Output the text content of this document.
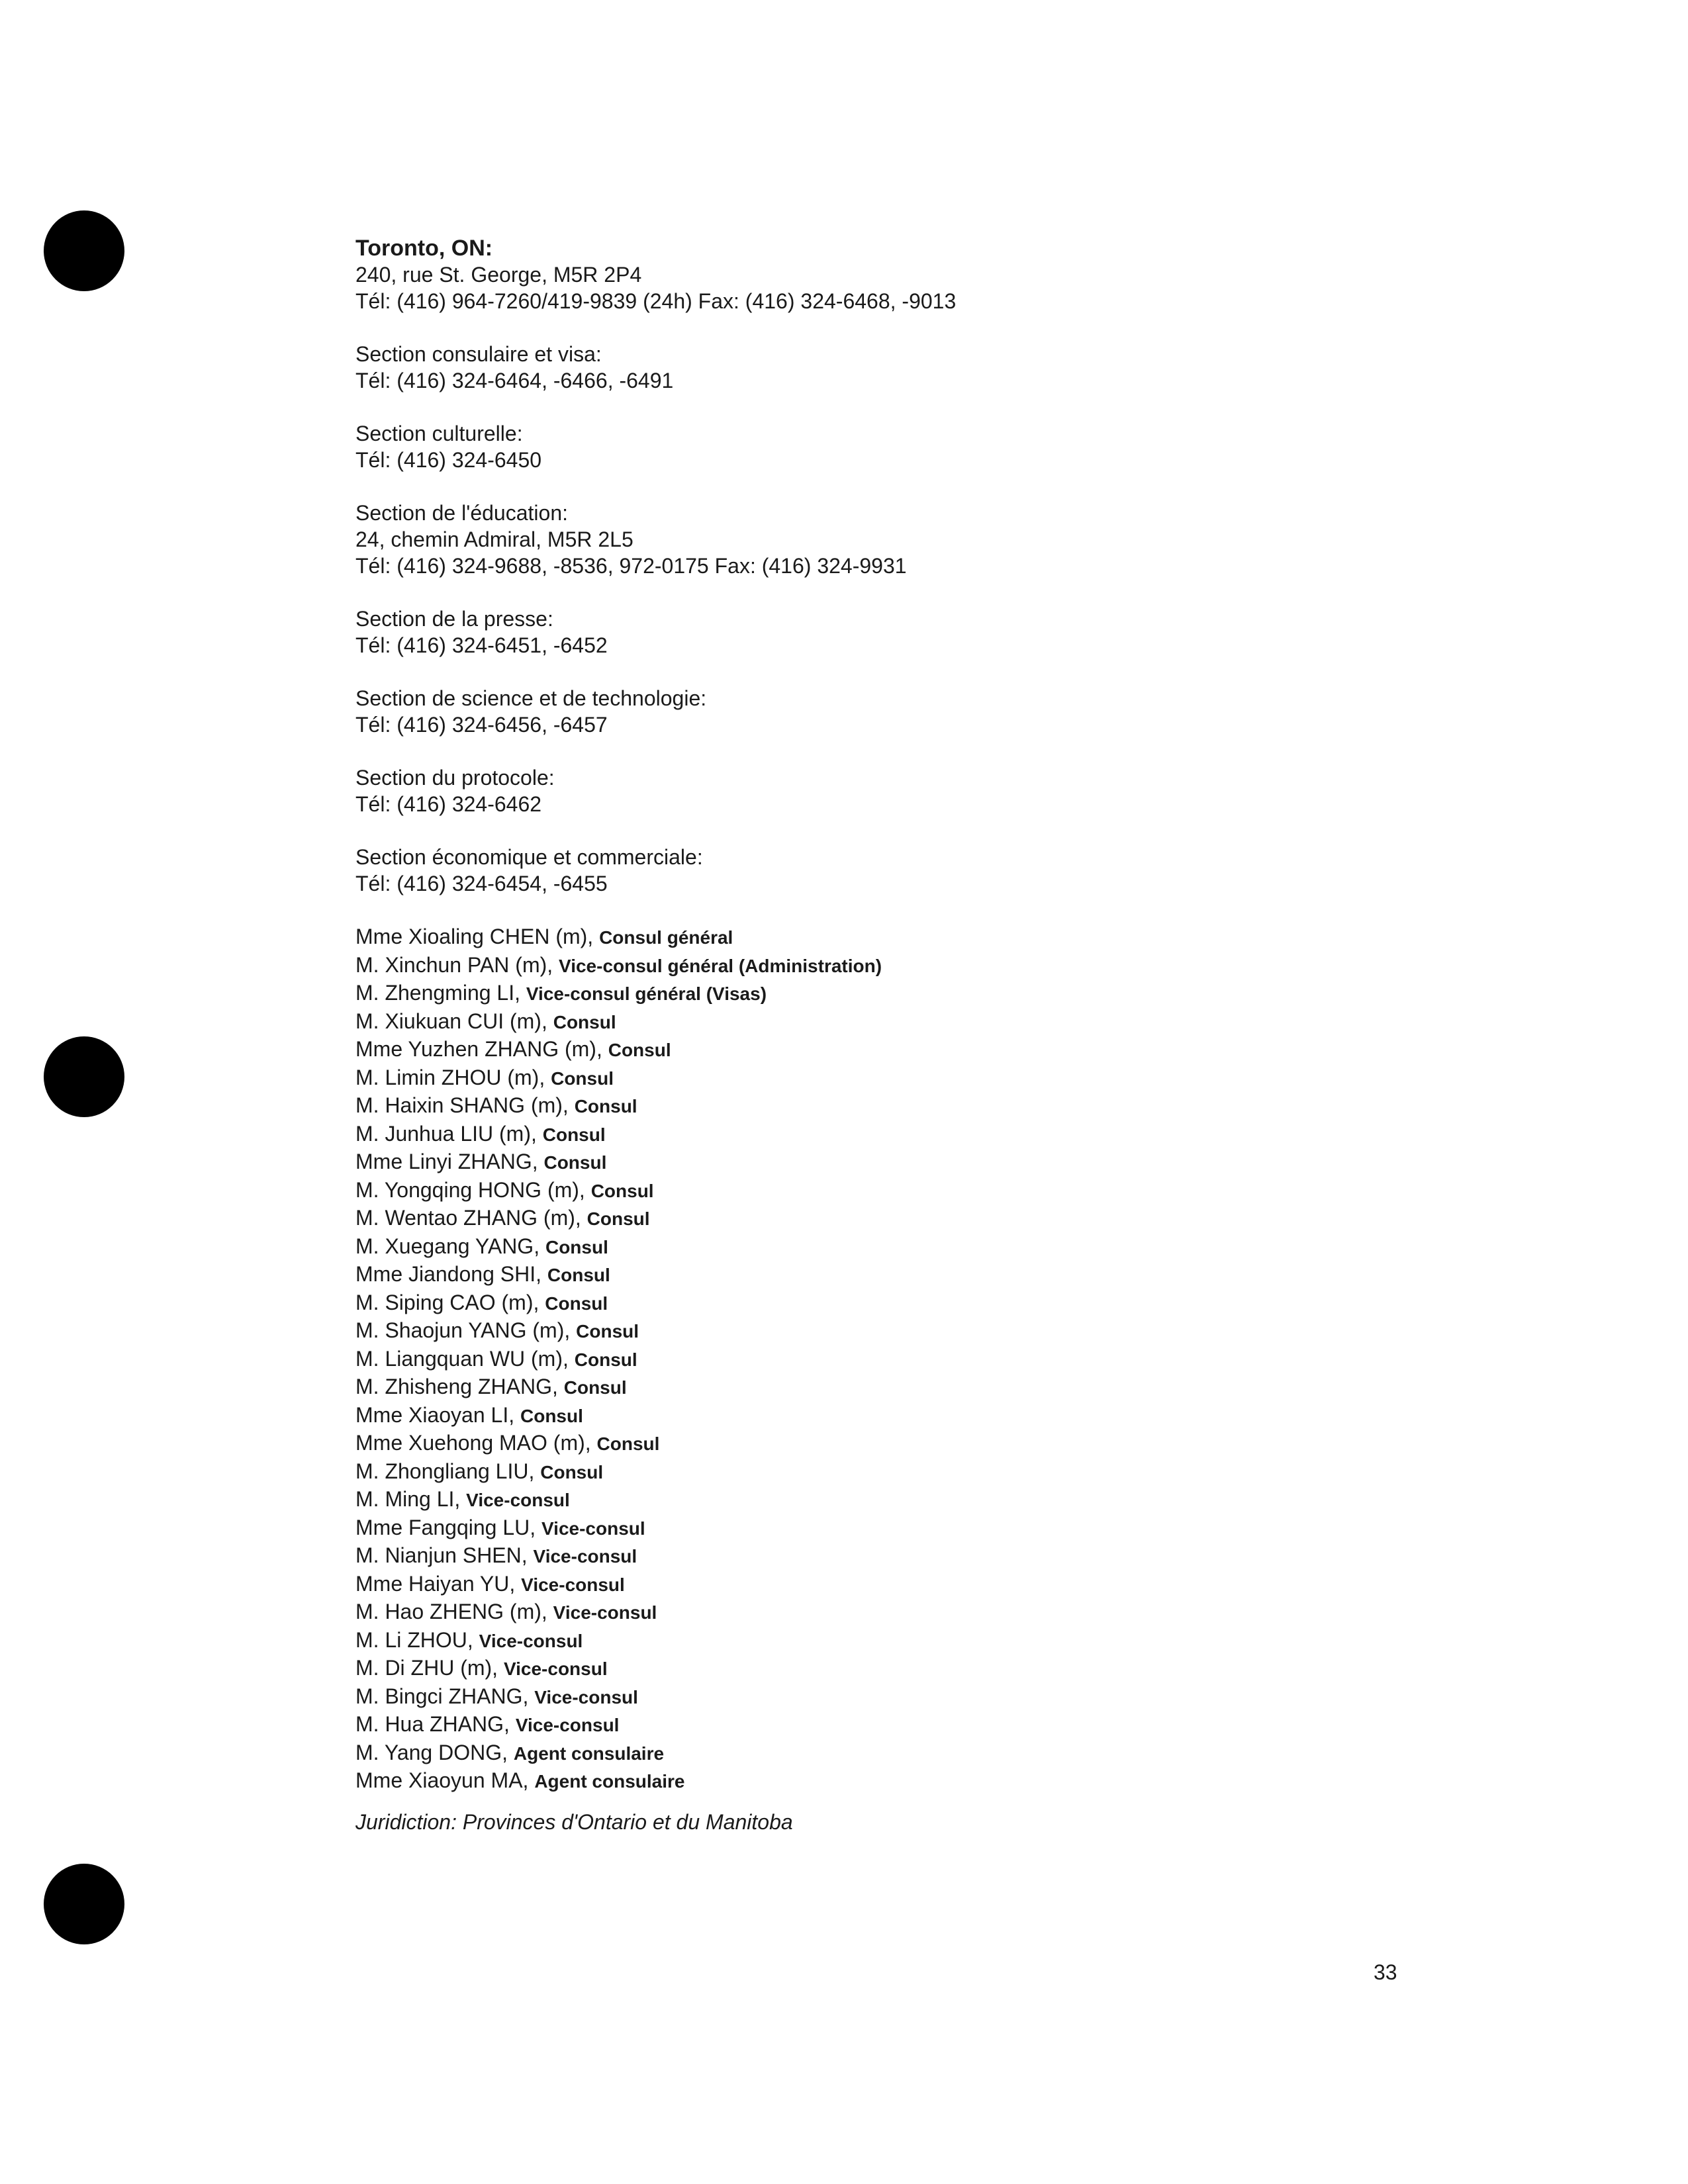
Toronto, ON:
240, rue St. George, M5R 2P4
Tél: (416) 964-7260/419-9839 (24h) Fax: (416) 324-6468, -9013
Section consulaire et visa:
Tél: (416) 324-6464, -6466, -6491
Section culturelle:
Tél: (416) 324-6450
Section de l'éducation:
24, chemin Admiral, M5R 2L5
Tél: (416) 324-9688, -8536, 972-0175 Fax: (416) 324-9931
Section de la presse:
Tél: (416) 324-6451, -6452
Section de science et de technologie:
Tél: (416) 324-6456, -6457
Section du protocole:
Tél: (416) 324-6462
Section économique et commerciale:
Tél: (416) 324-6454, -6455
Mme Xioaling CHEN (m), Consul général
M. Xinchun PAN (m), Vice-consul général (Administration)
M. Zhengming LI, Vice-consul général (Visas)
M. Xiukuan CUI (m), Consul
Mme Yuzhen ZHANG (m), Consul
M. Limin ZHOU (m), Consul
M. Haixin SHANG (m), Consul
M. Junhua LIU (m), Consul
Mme Linyi ZHANG, Consul
M. Yongqing HONG (m), Consul
M. Wentao ZHANG (m), Consul
M. Xuegang YANG, Consul
Mme Jiandong SHI, Consul
M. Siping CAO (m), Consul
M. Shaojun YANG (m), Consul
M. Liangquan WU (m), Consul
M. Zhisheng ZHANG, Consul
Mme Xiaoyan LI, Consul
Mme Xuehong MAO (m), Consul
M. Zhongliang LIU, Consul
M. Ming LI, Vice-consul
Mme Fangqing LU, Vice-consul
M. Nianjun SHEN, Vice-consul
Mme Haiyan YU, Vice-consul
M. Hao ZHENG (m), Vice-consul
M. Li ZHOU, Vice-consul
M. Di ZHU (m), Vice-consul
M. Bingci ZHANG, Vice-consul
M. Hua ZHANG, Vice-consul
M. Yang DONG, Agent consulaire
Mme Xiaoyun MA, Agent consulaire
Juridiction: Provinces d'Ontario et du Manitoba
33
